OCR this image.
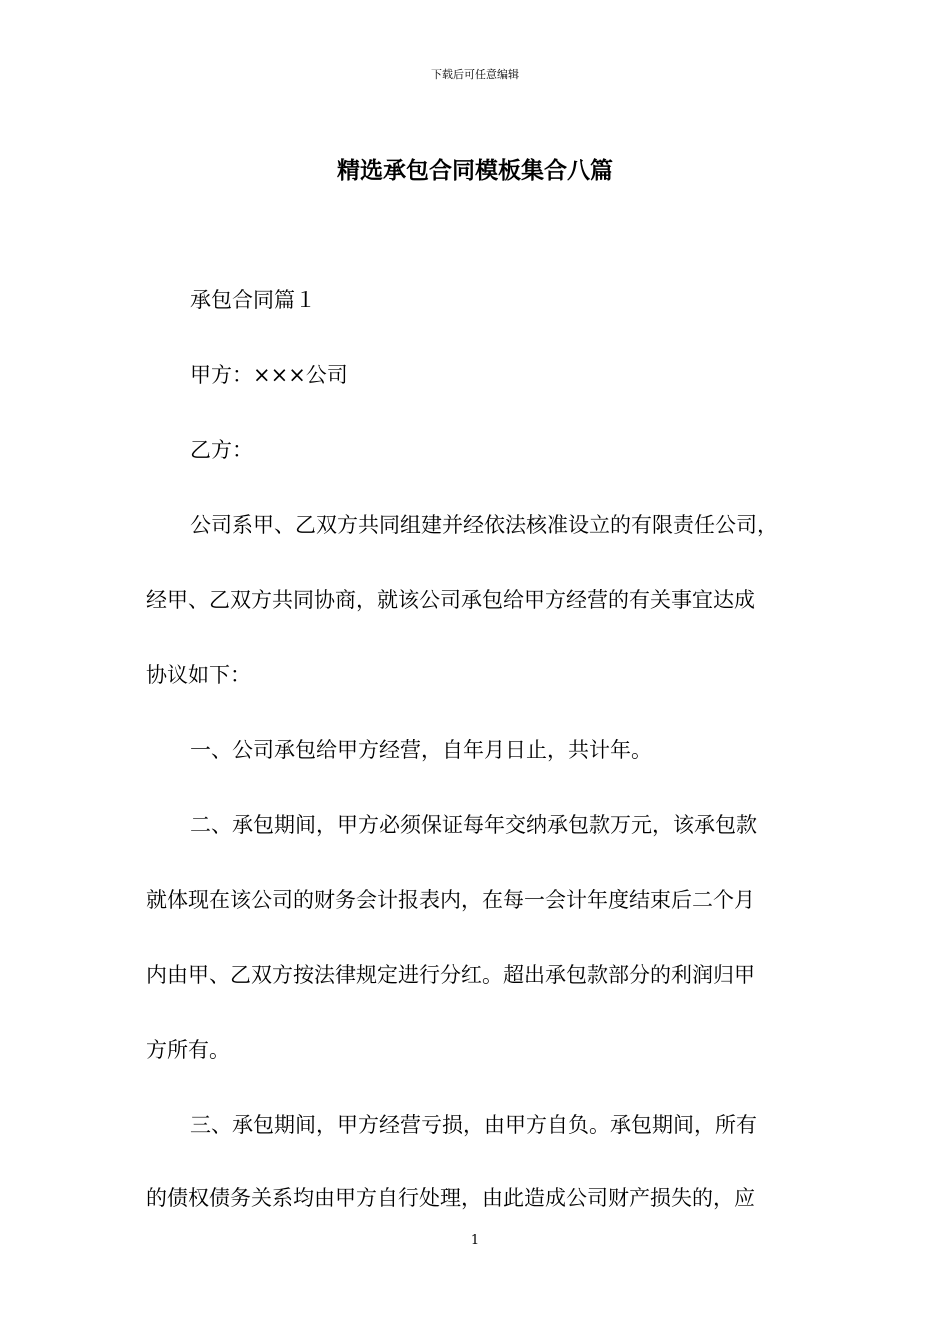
下载后可任意编辑
精选承包合同模板集合八篇

承包合同篇１

甲方：×××公司

乙方：

公司系甲、乙双方共同组建并经依法核准设立的有限责任公司，

经甲、乙双方共同协商，就该公司承包给甲方经营的有关事宜达成

协议如下：

一、公司承包给甲方经营，自年月日止，共计年。

二、承包期间，甲方必须保证每年交纳承包款万元，该承包款

就体现在该公司的财务会计报表内，在每一会计年度结束后二个月

内由甲、乙双方按法律规定进行分红。超出承包款部分的利润归甲

方所有。

三、承包期间，甲方经营亏损，由甲方自负。承包期间，所有

的债权债务关系均由甲方自行处理，由此造成公司财产损失的，应

1
